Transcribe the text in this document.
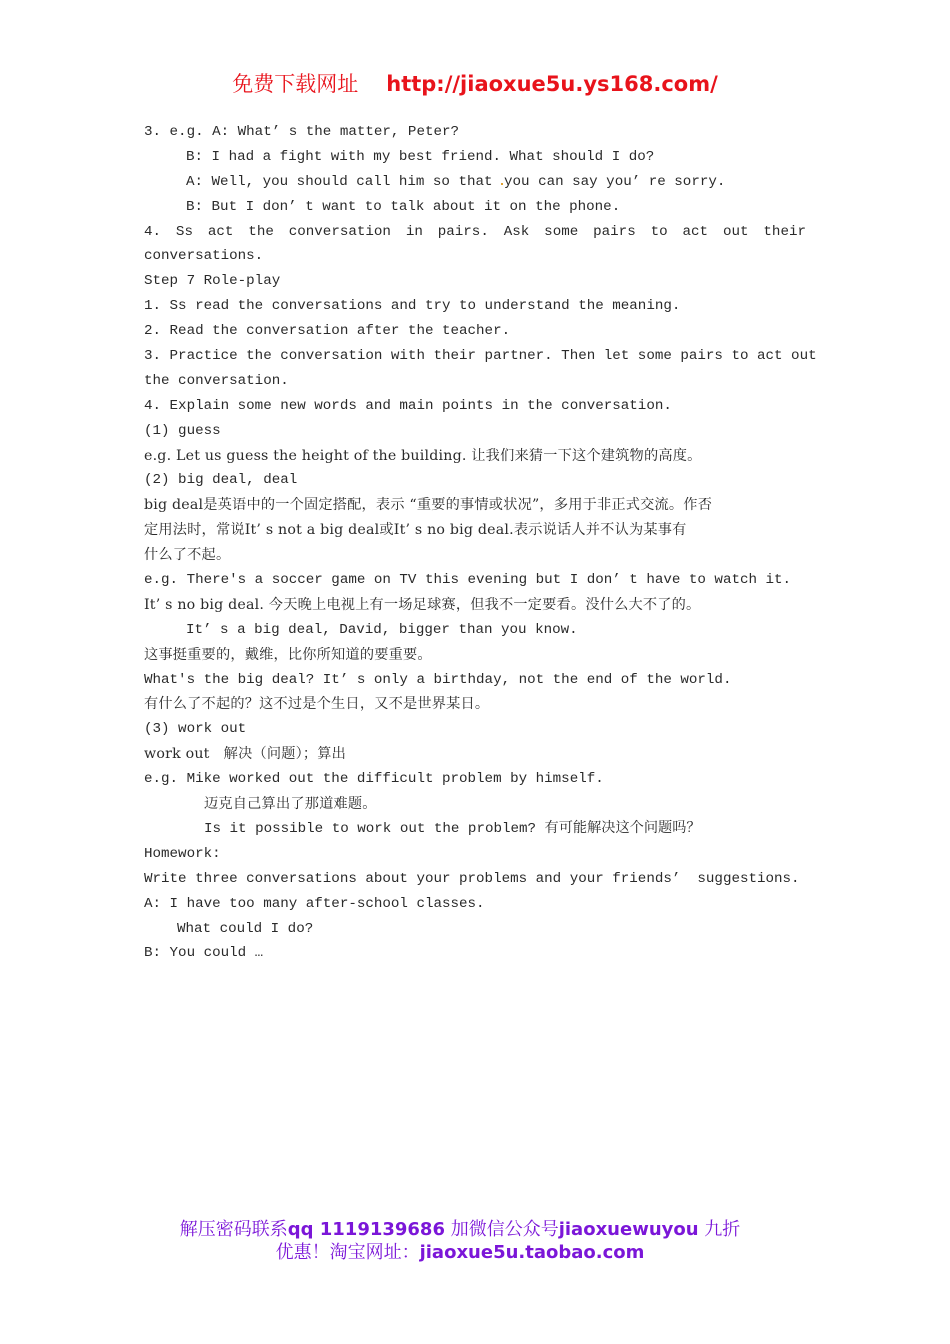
免费下载网址 http://jiaoxue5u.ys168.com/
3. e.g. A: What’ s the matter, Peter?
B: I had a fight with my best friend. What should I do?
A: Well, you should call him so that you can say you’ re sorry.
B: But I don’ t want to talk about it on the phone.
4. Ss act the conversation in pairs. Ask some pairs to act out their
conversations.
Step 7 Role-play
1. Ss read the conversations and try to understand the meaning.
2. Read the conversation after the teacher.
3. Practice the conversation with their partner. Then let some pairs to act out
the conversation.
4. Explain some new words and main points in the conversation.
(1) guess
e.g. Let us guess the height of the building. 让我们来猜一下这个建筑物的高度。
(2) big deal, deal
big deal是英语中的一个固定搭配，表示 “重要的事情或状况”，多用于非正式交流。作否
定用法时，常说It’ s not a big deal或It’ s no big deal.表示说话人并不认为某事有
什么了不起。
e.g. There's a soccer game on TV this evening but I don’ t have to watch it.
It’ s no big deal. 今天晚上电视上有一场足球赛，但我不一定要看。没什么大不了的。
It’ s a big deal, David, bigger than you know.
这事挺重要的，戴维，比你所知道的要重要。
What's the big deal? It’ s only a birthday, not the end of the world.
有什么了不起的？这不过是个生日，又不是世界某日。
(3) work out
work out   解决（问题）；算出
e.g. Mike worked out the difficult problem by himself.
迈克自己算出了那道难题。
Is it possible to work out the problem? 有可能解决这个问题吗？
Homework:
Write three conversations about your problems and your friends’  suggestions.
A: I have too many after-school classes.
What could I do?
B: You could …
解压密码联系qq 1119139686 加微信公众号jiaoxuewuyou 九折
优惠！淘宝网址：jiaoxue5u.taobao.com
